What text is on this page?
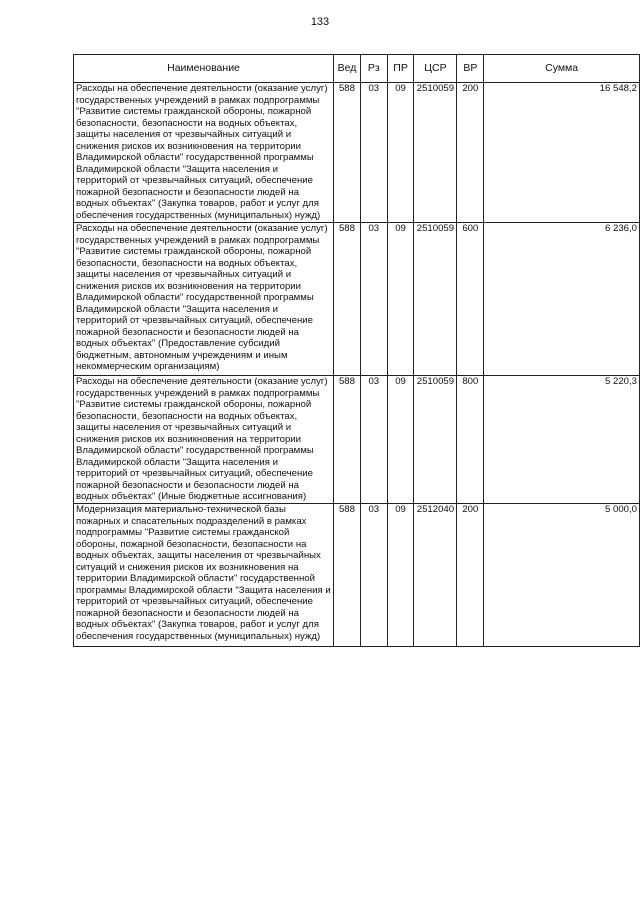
133
Наименование	Вед	Рз	ПР	ЦСР	ВР	Сумма
Расходы на обеспечение деятельности (оказание услуг) государственных учреждений в рамках подпрограммы "Развитие системы гражданской обороны, пожарной безопасности, безопасности на водных объектах, защиты населения от чрезвычайных ситуаций и снижения рисков их возникновения на территории Владимирской области" государственной программы Владимирской области "Защита населения и территорий от чрезвычайных ситуаций, обеспечение пожарной безопасности и безопасности людей на водных объектах" (Закупка товаров, работ и услуг для обеспечения государственных (муниципальных) нужд)	588	03	09	2510059	200	16 548,2
Расходы на обеспечение деятельности (оказание услуг) государственных учреждений в рамках подпрограммы "Развитие системы гражданской обороны, пожарной безопасности, безопасности на водных объектах, защиты населения от чрезвычайных ситуаций и снижения рисков их возникновения на территории Владимирской области" государственной программы Владимирской области "Защита населения и территорий от чрезвычайных ситуаций, обеспечение пожарной безопасности и безопасности людей на водных объектах" (Предоставление субсидий бюджетным, автономным учреждениям и иным некоммерческим организациям)	588	03	09	2510059	600	6 236,0
Расходы на обеспечение деятельности (оказание услуг) государственных учреждений в рамках подпрограммы "Развитие системы гражданской обороны, пожарной безопасности, безопасности на водных объектах, защиты населения от чрезвычайных ситуаций и снижения рисков их возникновения на территории Владимирской области" государственной программы Владимирской области "Защита населения и территорий от чрезвычайных ситуаций, обеспечение пожарной безопасности и безопасности людей на водных объектах" (Иные бюджетные ассигнования)	588	03	09	2510059	800	5 220,3
Модернизация материально-технической базы пожарных и спасательных подразделений в рамках подпрограммы "Развитие системы гражданской обороны, пожарной безопасности, безопасности на водных объектах, защиты населения от чрезвычайных ситуаций и снижения рисков их возникновения на территории Владимирской области" государственной программы Владимирской области "Защита населения и территорий от чрезвычайных ситуаций, обеспечение пожарной безопасности и безопасности людей на водных объектах" (Закупка товаров, работ и услуг для обеспечения государственных (муниципальных) нужд)	588	03	09	2512040	200	5 000,0
